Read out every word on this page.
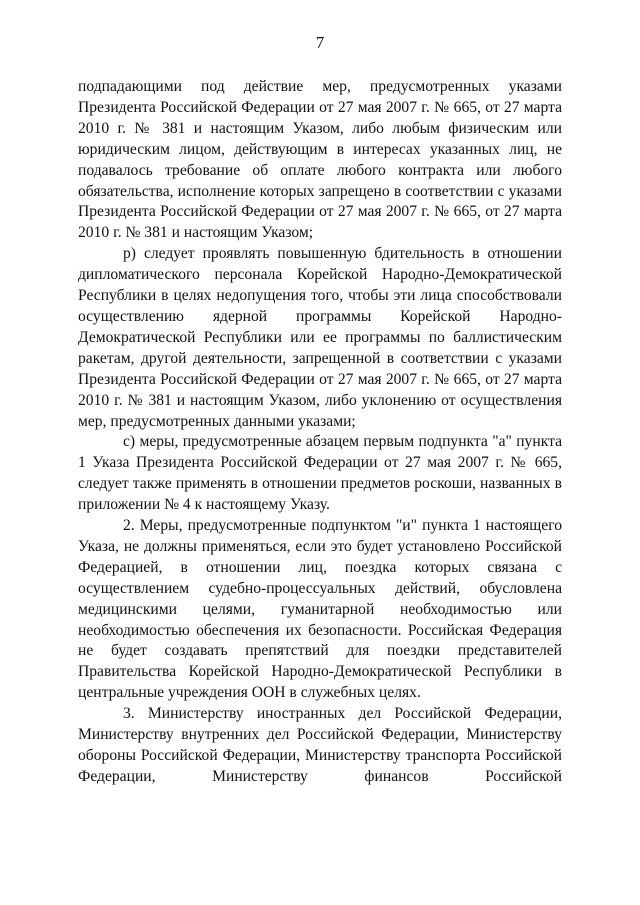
7

подпадающими под действие мер, предусмотренных указами Президента Российской Федерации от 27 мая 2007 г. № 665, от 27 марта 2010 г. № 381 и настоящим Указом, либо любым физическим или юридическим лицом, действующим в интересах указанных лиц, не подавалось требование об оплате любого контракта или любого обязательства, исполнение которых запрещено в соответствии с указами Президента Российской Федерации от 27 мая 2007 г. № 665, от 27 марта 2010 г. № 381 и настоящим Указом;

р) следует проявлять повышенную бдительность в отношении дипломатического персонала Корейской Народно-Демократической Республики в целях недопущения того, чтобы эти лица способствовали осуществлению ядерной программы Корейской Народно-Демократической Республики или ее программы по баллистическим ракетам, другой деятельности, запрещенной в соответствии с указами Президента Российской Федерации от 27 мая 2007 г. № 665, от 27 марта 2010 г. № 381 и настоящим Указом, либо уклонению от осуществления мер, предусмотренных данными указами;

с) меры, предусмотренные абзацем первым подпункта "а" пункта 1 Указа Президента Российской Федерации от 27 мая 2007 г. № 665, следует также применять в отношении предметов роскоши, названных в приложении № 4 к настоящему Указу.

2. Меры, предусмотренные подпунктом "и" пункта 1 настоящего Указа, не должны применяться, если это будет установлено Российской Федерацией, в отношении лиц, поездка которых связана с осуществлением судебно-процессуальных действий, обусловлена медицинскими целями, гуманитарной необходимостью или необходимостью обеспечения их безопасности. Российская Федерация не будет создавать препятствий для поездки представителей Правительства Корейской Народно-Демократической Республики в центральные учреждения ООН в служебных целях.

3. Министерству иностранных дел Российской Федерации, Министерству внутренних дел Российской Федерации, Министерству обороны Российской Федерации, Министерству транспорта Российской Федерации, Министерству финансов Российской
